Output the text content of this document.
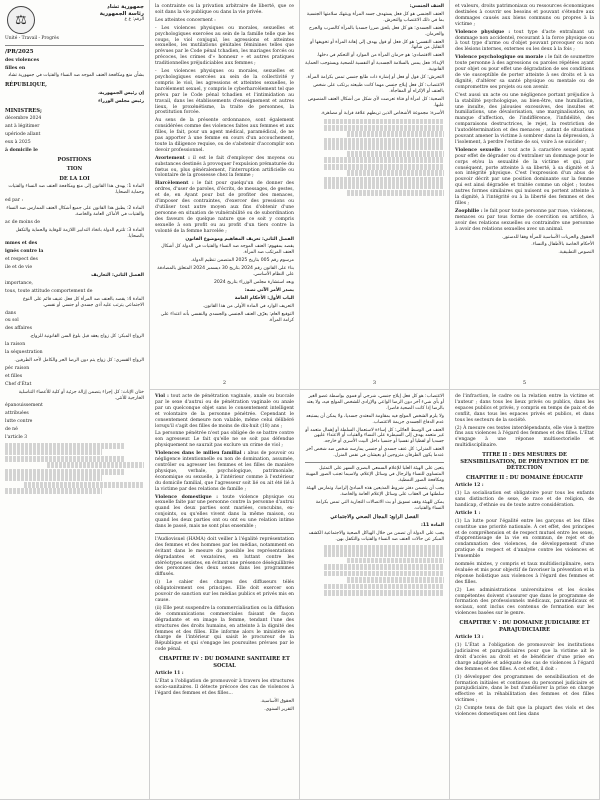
⚖
Unité - Travail - Progrès
جمهورية تشاد
رئاسة الجمهورية
الرقم: ع ع
/PR/2025
des violences
filles en
بشأن منع ومكافحة العنف الموجه ضد النساء والفتيات في جمهورية تشاد
RÉPUBLIQUE,
إن رئيس الجمهورية،
رئيس مجلس الوزراء
MINISTRES;
décembre 2024
ant à légitimer
upériode allant
eux à 2025
à domicile le
POSITIONS
TION
DE LA LOI
المادة 1: يهدف هذا القانون إلى منع ومكافحة العنف ضد النساء والفتيات وحماية الضحايا.
ed par :
المادة 2: يطبق هذا القانون على جميع أشكال العنف الممارس ضد النساء والفتيات في الأماكن العامة والخاصة.
ac de moins de
المادة 3: تلتزم الدولة باتخاذ التدابير اللازمة للوقاية والحماية والتكفل بالضحايا.
mmes et des
ignés contre la
et respect des
ile et de vie
الفصل الثاني: التعاريف
importance,
tous, toute attitude comportement de
المادة 4: يقصد بالعنف ضد المرأة كل فعل عنيف قائم على النوع الاجتماعي يترتب عليه أذى جسدي أو جنسي أو نفسي.
dans
ou sol
des affaires
الزواج المبكر: كل زواج يعقد قبل بلوغ السن القانونية للزواج.
la raison
la séquestration
الزواج القسري: كل زواج يتم دون الرضا الحر والكامل لأحد الطرفين.
péc raison
et filles
Chef d'État
ختان الإناث: كل إجراء يتضمن إزالة جزئية أو كلية للأعضاء التناسلية الخارجية للأنثى.
épanouissement
attribuées
lutte contre
de né
l'article 3
la contrainte ou la privation arbitraire de liberté, que ce soit dans la vie publique ou dans la vie privée.
Les atteintes concernent :
- Les violences physiques ou morales, sexuelles et psychologiques exercées au sein de la famille telle que les coups, le viol conjugal, les agressions et atteintes sexuelles, les mutilations génitales féminines telles que prévues par le Code pénal tchadien, les mariages forcés ou précoces, les crimes d'« honneur » et autres pratiques traditionnelles préjudiciables aux femmes ;
- Les violences physiques ou morales, sexuelles et psychologiques exercées au sein de la collectivité y compris le viol, les agressions et atteintes sexuelles, le harcèlement sexuel, y compris le cyberharcèlement tel que prévu par le Code pénal tchadien et l'intimidation au travail, dans les établissements d'enseignement et autres lieux, le proxénétisme, la traite de personnes, la prostitution forcée.
Au sens de la présente ordonnance, sont également considérées comme des violences faites aux femmes et aux filles, le fait, pour un agent médical, paramédical, de ne pas apporter à une femme en cours d'un accouchement, toute la diligence requise, ou de s'abstenir d'accomplir son devoir professionnel.
Avortement : il est le fait d'employer des moyens ou substances destinés à provoquer l'expulsion prématurée du fœtus ou, plus généralement, l'interruption artificielle ou volontaire de la grossesse chez la femme ;
Harcèlement : le fait pour quelqu'un de donner des ordres, d'user de paroles, d'écrits, de messages, de gestes, et de, en Ayant pour but de profiter des menaces, d'imposer des contraintes, d'exercer des pressions ou d'utiliser tout autre moyen aux fins d'obtenir d'une personne en situation de vulnérabilité ou de subordination des faveurs de quelque nature que ce soit y compris sexuelle à son profit ou au profit d'un tiers contre la volonté de la femme harcelée ;
الفصل الثاني: تعريف المفاهيم وموضوع القانون
يقصد بمفهوم: العنف الموجه ضد النساء والفتيات في الدولة كل أشكال العنف المرتكب ضد المرأة.
مرسوم رقم 005 بتاريخ 2025 المتضمن تنظيم الدولة.
بناء على القانون رقم 2024 بتاريخ 30 ديسمبر 2024 المتعلق بالمصادقة على النظام الأساسي.
وبعد استشارة مجلس الوزراء بتاريخ 2024
يصدر الأمر الآتي نصه:
الباب الأول: الأحكام العامة
التعريف الوارد في المادة الأولى من هذا القانون.
التوقيع العام: يعرّف العنف الجنسي والجسدي والنفسي بأنه اعتداء على كرامة المرأة.
2
العنف الجنسي:
العنف الجنسي هو كل فعل يستهدف جسد المرأة وينتهك سلامتها الجنسية بما في ذلك الاغتصاب والتحرش.
العنف الجسدي: هو كل فعل يلحق ضررا جسديا بالمرأة كالضرب والجرح والحرمان.
العنف النفسي: هو كل فعل أو قول يهدف إلى إهانة المرأة أو تخويفها أو التقليل من شأنها.
العنف الاقتصادي: هو حرمان المرأة من الموارد أو التحكم في دخلها.
الإيذاء: فعل يمس بالسلامة الجسدية أو النفسية للضحية ويستوجب الحماية القانونية.
التحرش: كل قول أو فعل أو إشارة ذات طابع جنسي تمس بكرامة المرأة.
الاغتصاب: كل فعل إيلاج جنسي مهما كانت طبيعته يرتكب على شخص بالعنف أو الإكراه أو المفاجأة.
الضحية: كل امرأة أو فتاة تعرضت لأي شكل من أشكال العنف المنصوص عليها.
الأسرة: مجموعة الأشخاص الذين تربطهم علاقة قرابة أو مصاهرة.
3
et valeurs, droits patrimoniaux ou ressources économiques destinées à couvrir ses besoins et pouvant s'étendre aux dommages causés aux biens communs ou propres à la victime ;
Violence physique : tout type d'acte entraînant un dommage non accidentel, recourant à la force physique ou à tout type d'arme ou d'objet pouvant provoquer ou non des lésions internes, externes ou les deux à la fois ;
Violence psychologique ou morale : le fait de soumettre toute personne à des agressions ou paroles répétées ayant pour objet ou pour effet une dégradation de ses conditions de vie susceptible de porter atteinte à ses droits et à sa dignité, d'altérer sa santé physique ou mentale ou de compromettre ses projets ou son avenir.
C'est aussi un acte ou une négligence portant préjudice à la stabilité psychologique, au bien-être, une humiliation, une insulte, des jalousies excessives, des insultes et humiliations, une dévalorisation, une marginalisation, un manque d'affection, de l'indifférence, l'infidélité, des comparaisons destructrices, le rejet, la restriction de l'autodétermination et des menaces ; autant de situations pouvant amener la victime à sombrer dans la dépression, à l'isolement, à perdre l'estime de soi, voire à se suicider ;
Violence sexuelle : tout acte à caractère sexuel ayant pour effet de dégrader ou d'entraîner un dommage pour le corps et/ou la sexualité de la victime et qui, par conséquent, porte atteinte à sa liberté, à sa dignité et à son intégrité physique. C'est l'expression d'un abus de pouvoir décrit par une position dominante sur la femme qui est ainsi dégradée et traitée comme un objet ; toutes autres formes similaires qui nuisent ou portent atteinte à la dignité, à l'intégrité ou à la liberté des femmes et des filles ;
Zoophilie : le fait pour toute personne par ruse, violences, menaces ou par tous forme de coercition ou artifice, à avoir des relations sexuelles ou contraindre une personne à avoir des relations sexuelles avec un animal.
الحقوق والحريات الأساسية للمرأة وفقا للدستور.
الأحكام الخاصة بالأطفال والنساء.
النصوص التطبيقية.
5
Viol : tout acte de pénétration vaginale, anale ou buccale par le sexe d'autrui ou de pénétration vaginale ou anale par un quelconque objet sans le consentement intelligent et volontaire de la personne pénétrée. Cependant le consentement demeure non valable, même celui délibéré lorsqu'il s'agit des filles de moins de dix-huit (18) ans ;
La personne pénétrée n'est pas obligée de se battre contre son agresseur. Le fait qu'elle ne se soit pas défendue physiquement ne saurait pas exclure un crime de viol ;
Violences dans le milieu familial : abus de pouvoir ou négligence intentionnelle ou non de domination, assumée, contrôler ou agresser les femmes et les filles de manière physique, verbale, psychologique, patrimoniale, économique ou sexuelle, à l'intérieur comme à l'extérieur du domicile familial, que l'agresseur soit lié ou ait été lié à la victime par des relations de famille ;
Violence domestique : toute violence physique ou sexuelle faite par une personne contre la personne d'autrui quand les deux parties sont mariées, concubins, ex-conjoints, ou qu'elles vivent dans la même maison, ou quand les deux parties ont ou ont eu une relation intime dans le passé, mais ne sont plus ensemble ;
l'Audiovisuel (HAMA) doit veiller à l'égalité représentation des femmes et des hommes par les médias, notamment en évitant dans le mesure du possible les représentations dégradantes et vexatoires, en luttant contre les stéréotypes sexistes, en évitant une présence déséquilibrée des personnes des deux sexes dans les programmes diffusés.
(i) Le cahier des charges des diffuseurs télés obligatoirement ces principes. Elle doit exercer son pouvoir de sanction sur les médias publics et privés mis en cause.
(ii) Elle peut suspendre la commercialisation ou la diffusion de communications commerciales faisant de façon dégradante et en image la femme, tendant l'une des structures des droits humains, en atteinte à la dignité des femmes et des filles. Elle informe alors le ministère en charge de l'intérieur qui saisit le procureur de la République et qui s'engage les poursuites prévues par le code pénal.
CHAPITRE IV : DU DOMAINE SANITAIRE ET SOCIAL
Article 11 :
L'État a l'obligation de promouvoir à travers les structures socio-sanitaires. Il détecte précoce des cas de violences à l'égard des femmes et des filles...
الحقوق الأساسية.
التقرير السنوي.
الاغتصاب: هو كل فعل إيلاج جنسي، شرجي أو فموي بواسطة عضو الغير أو بأي شيء آخر دون الرضا الواعي والإرادي للشخص المولج فيه، ولا يعتد بالرضا إذا كانت الضحية قاصرا.
ولا يلزم الشخص المولج فيه بمقاومة المعتدي جسديا، ولا يمكن أن يستبعد عدم الدفاع الجسدي جريمة الاغتصاب.
العنف في الوسط العائلي: كل إساءة لاستعمال السلطة أو إهمال متعمد أو غير متعمد يهدف إلى السيطرة على النساء والفتيات أو الاعتداء عليهن جسديا أو لفظيا أو نفسيا أو جنسيا داخل البيت الأسري أو خارجه.
العنف المنزلي: كل عنف جسدي أو جنسي يمارسه شخص ضد شخص آخر عندما يكون الطرفان متزوجين أو يعيشان في نفس المنزل.
يتعين على الهيئة العليا للإعلام السمعي البصري السهر على التمثيل المتساوي للنساء والرجال في وسائل الإعلام، ولاسيما تجنب الصور المهينة ومكافحة الصور النمطية.
يجب أن يتضمن دفتر شروط المذيعين هذه المبادئ إلزاميا، وتمارس الهيئة سلطتها في العقاب على وسائل الإعلام العامة والخاصة.
يمكن للهيئة وقف تسويق أو بث الاتصالات التجارية التي تمس بكرامة النساء والفتيات.
الفصل الرابع: المجال الصحي والاجتماعي
المادة 11:
يجب على الدولة أن تضمن من خلال الهياكل الصحية والاجتماعية الكشف المبكر عن حالات العنف ضد النساء والفتيات والتكفل بهن.
de l'infraction, le cadre ou la relation entre la victime et l'auteur ; dans tous les lieux privés ou publics, dans les espaces publics et privés, y compris en temps de paix et de conflit, dans tous les espaces privés et publics, et dans tous les secteurs de la société.
(2) À mesure ces textes interdépendants, elle vise à mettre fins aux violences à l'égard des femmes et des filles. L'État s'engage à une réponse multisectorielle et multidisciplinaire.
TITRE II : DES MESURES DE SENSIBILISATION, DE PRÉVENTION ET DE DÉTECTION
CHAPITRE II : DU DOMAINE ÉDUCATIF
Article 12 :
(1) La socialisation est obligatoire pour tous les enfants sans distinction de sexe, de race et de religion, de handicap, d'ethnie ou de toute autre considération.
Article 1 :
(1) La lutte pour l'égalité entre les garçons et les filles constitue une priorité nationale. À cet effet, des principes et de compréhension et de respect mutuel entre les sexes, d'apprentissage de la vie en commun, de rejet et de condamnation des violences, de développement d'une pratique du respect et d'analyse contre les violences et l'ensemble
nommés mixtes, y compris et taux multidisciplinaire, sera évaluée et mis pour objectif de favoriser la prévention et la réponse holistique aux violences à l'égard des femmes et des filles.
(2) Les administrations universitaires et les écoles compétentes doivent s'assurer que dans le programme de formation des professionnels médicaux, paramédicaux et sociaux, sont inclus ces contenus de formation sur les violences basées sur le genre.
CHAPITRE V : DU DOMAINE JUDICIAIRE ET PARAJUDICIAIRE
Article 13 :
(1) L'État a l'obligation de promouvoir les institutions judiciaires et parajudiciaires pour que la victime ait le droit d'accès au droit et de bénéficier d'une prise en charge adaptée et adéquate des cas de violences à l'égard des femmes et des filles. A cet effet, il doit :
(1) développer des programmes de sensibilisation et de formation initiales et continues du personnel judiciaire et parajudiciaire, dans le but d'améliorer la prise en charge effective et la réhabilitation des femmes et des filles victimes ;
(2) Compte tenu de fait que la plupart des viols et des violences domestiques ont lieu dans
